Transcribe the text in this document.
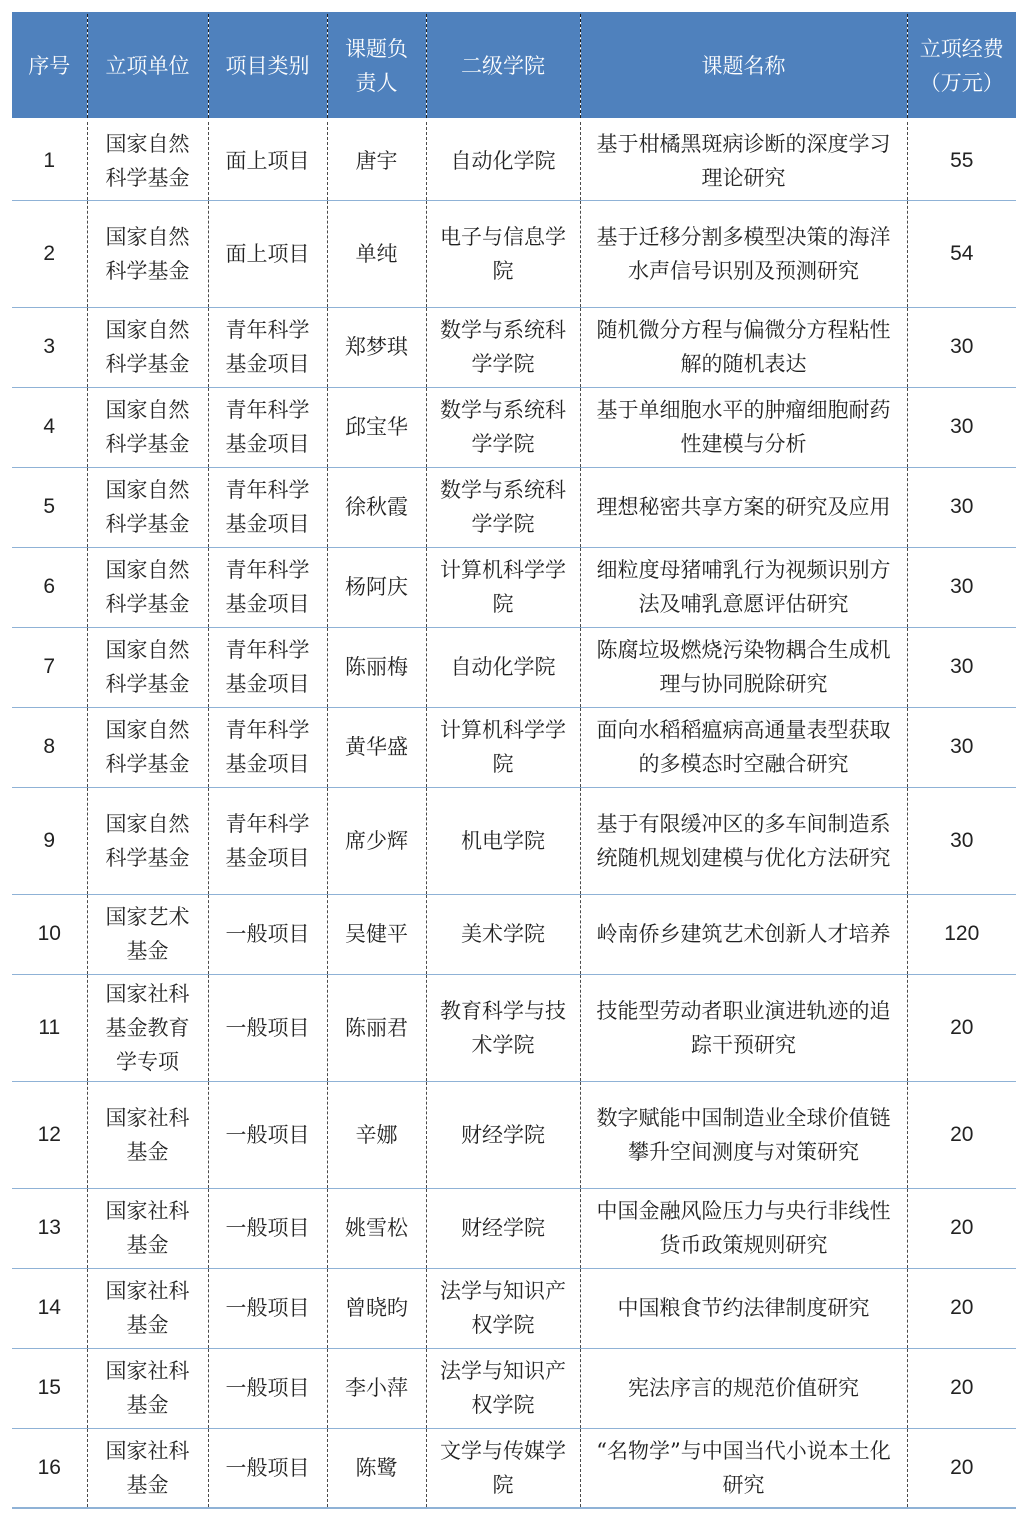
序号	立项单位	项目类别	课题负责人	二级学院	课题名称	立项经费（万元）
1	国家自然科学基金	面上项目	唐宇	自动化学院	基于柑橘黑斑病诊断的深度学习理论研究	55
2	国家自然科学基金	面上项目	单纯	电子与信息学院	基于迁移分割多模型决策的海洋水声信号识别及预测研究	54
3	国家自然科学基金	青年科学基金项目	郑梦琪	数学与系统科学学院	随机微分方程与偏微分方程粘性解的随机表达	30
4	国家自然科学基金	青年科学基金项目	邱宝华	数学与系统科学学院	基于单细胞水平的肿瘤细胞耐药性建模与分析	30
5	国家自然科学基金	青年科学基金项目	徐秋霞	数学与系统科学学院	理想秘密共享方案的研究及应用	30
6	国家自然科学基金	青年科学基金项目	杨阿庆	计算机科学学院	细粒度母猪哺乳行为视频识别方法及哺乳意愿评估研究	30
7	国家自然科学基金	青年科学基金项目	陈丽梅	自动化学院	陈腐垃圾燃烧污染物耦合生成机理与协同脱除研究	30
8	国家自然科学基金	青年科学基金项目	黄华盛	计算机科学学院	面向水稻稻瘟病高通量表型获取的多模态时空融合研究	30
9	国家自然科学基金	青年科学基金项目	席少辉	机电学院	基于有限缓冲区的多车间制造系统随机规划建模与优化方法研究	30
10	国家艺术基金	一般项目	吴健平	美术学院	岭南侨乡建筑艺术创新人才培养	120
11	国家社科基金教育学专项	一般项目	陈丽君	教育科学与技术学院	技能型劳动者职业演进轨迹的追踪干预研究	20
12	国家社科基金	一般项目	辛娜	财经学院	数字赋能中国制造业全球价值链攀升空间测度与对策研究	20
13	国家社科基金	一般项目	姚雪松	财经学院	中国金融风险压力与央行非线性货币政策规则研究	20
14	国家社科基金	一般项目	曾晓昀	法学与知识产权学院	中国粮食节约法律制度研究	20
15	国家社科基金	一般项目	李小萍	法学与知识产权学院	宪法序言的规范价值研究	20
16	国家社科基金	一般项目	陈鹭	文学与传媒学院	“名物学”与中国当代小说本土化研究	20
